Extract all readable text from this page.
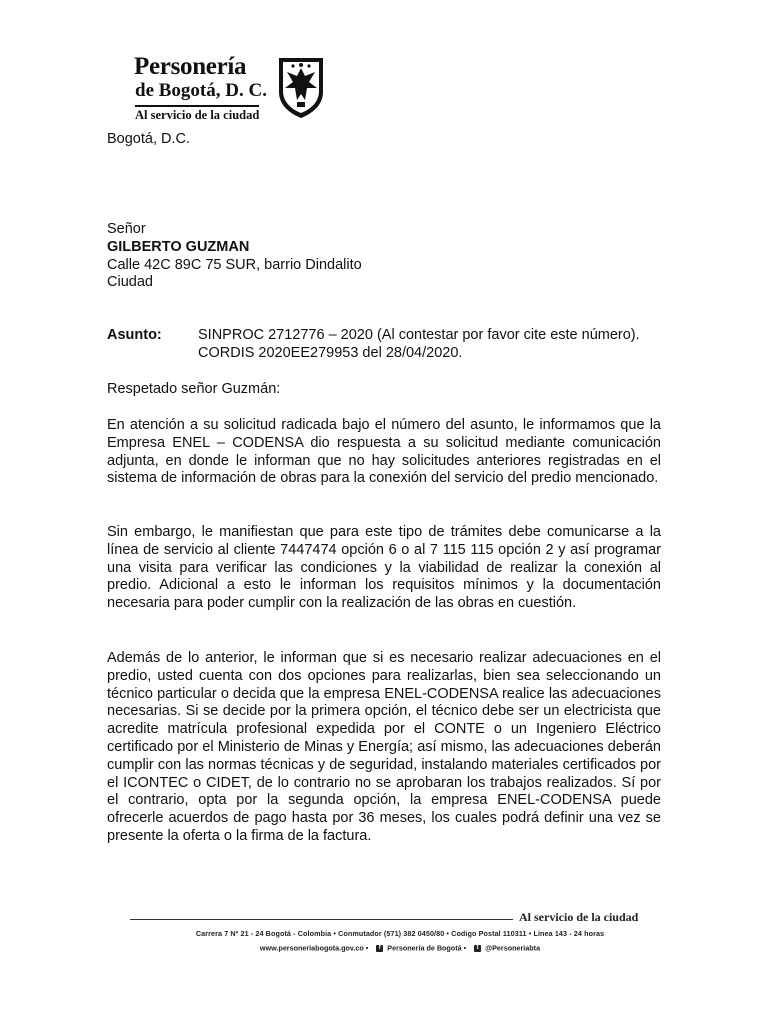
Personería
de Bogotá, D. C.
Al servicio de la ciudad
Bogotá, D.C.
Señor
GILBERTO GUZMAN
Calle 42C 89C 75 SUR, barrio Dindalito
Ciudad
Asunto: SINPROC 2712776 – 2020 (Al contestar por favor cite este número).
CORDIS 2020EE279953 del 28/04/2020.
Respetado señor Guzmán:
En atención a su solicitud radicada bajo el número del asunto, le informamos que la Empresa ENEL – CODENSA dio respuesta a su solicitud mediante comunicación adjunta, en donde le informan que no hay solicitudes anteriores registradas en el sistema de información de obras para la conexión del servicio del predio mencionado.
Sin embargo, le manifiestan que para este tipo de trámites debe comunicarse a la línea de servicio al cliente 7447474 opción 6 o al 7 115 115 opción 2 y así programar una visita para verificar las condiciones y la viabilidad de realizar la conexión al predio. Adicional a esto le informan los requisitos mínimos y la documentación necesaria para poder cumplir con la realización de las obras en cuestión.
Además de lo anterior, le informan que si es necesario realizar adecuaciones en el predio, usted cuenta con dos opciones para realizarlas, bien sea seleccionando un técnico particular o decida que la empresa ENEL-CODENSA realice las adecuaciones necesarias. Si se decide por la primera opción, el técnico debe ser un electricista que acredite matrícula profesional expedida por el CONTE o un Ingeniero Eléctrico certificado por el Ministerio de Minas y Energía; así mismo, las adecuaciones deberán cumplir con las normas técnicas y de seguridad, instalando materiales certificados por el ICONTEC o CIDET, de lo contrario no se aprobaran los trabajos realizados. Sí por el contrario, opta por la segunda opción, la empresa ENEL-CODENSA puede ofrecerle acuerdos de pago hasta por 36 meses, los cuales podrá definir una vez se presente la oferta o la firma de la factura.
Al servicio de la ciudad
Carrera 7 Nº 21 - 24 Bogotá - Colombia • Conmutador (571) 382 0450/80 • Codigo Postal 110311 • Línea 143 - 24 horas
www.personeriabogota.gov.co • f Personería de Bogotá • t @Personeriabta
